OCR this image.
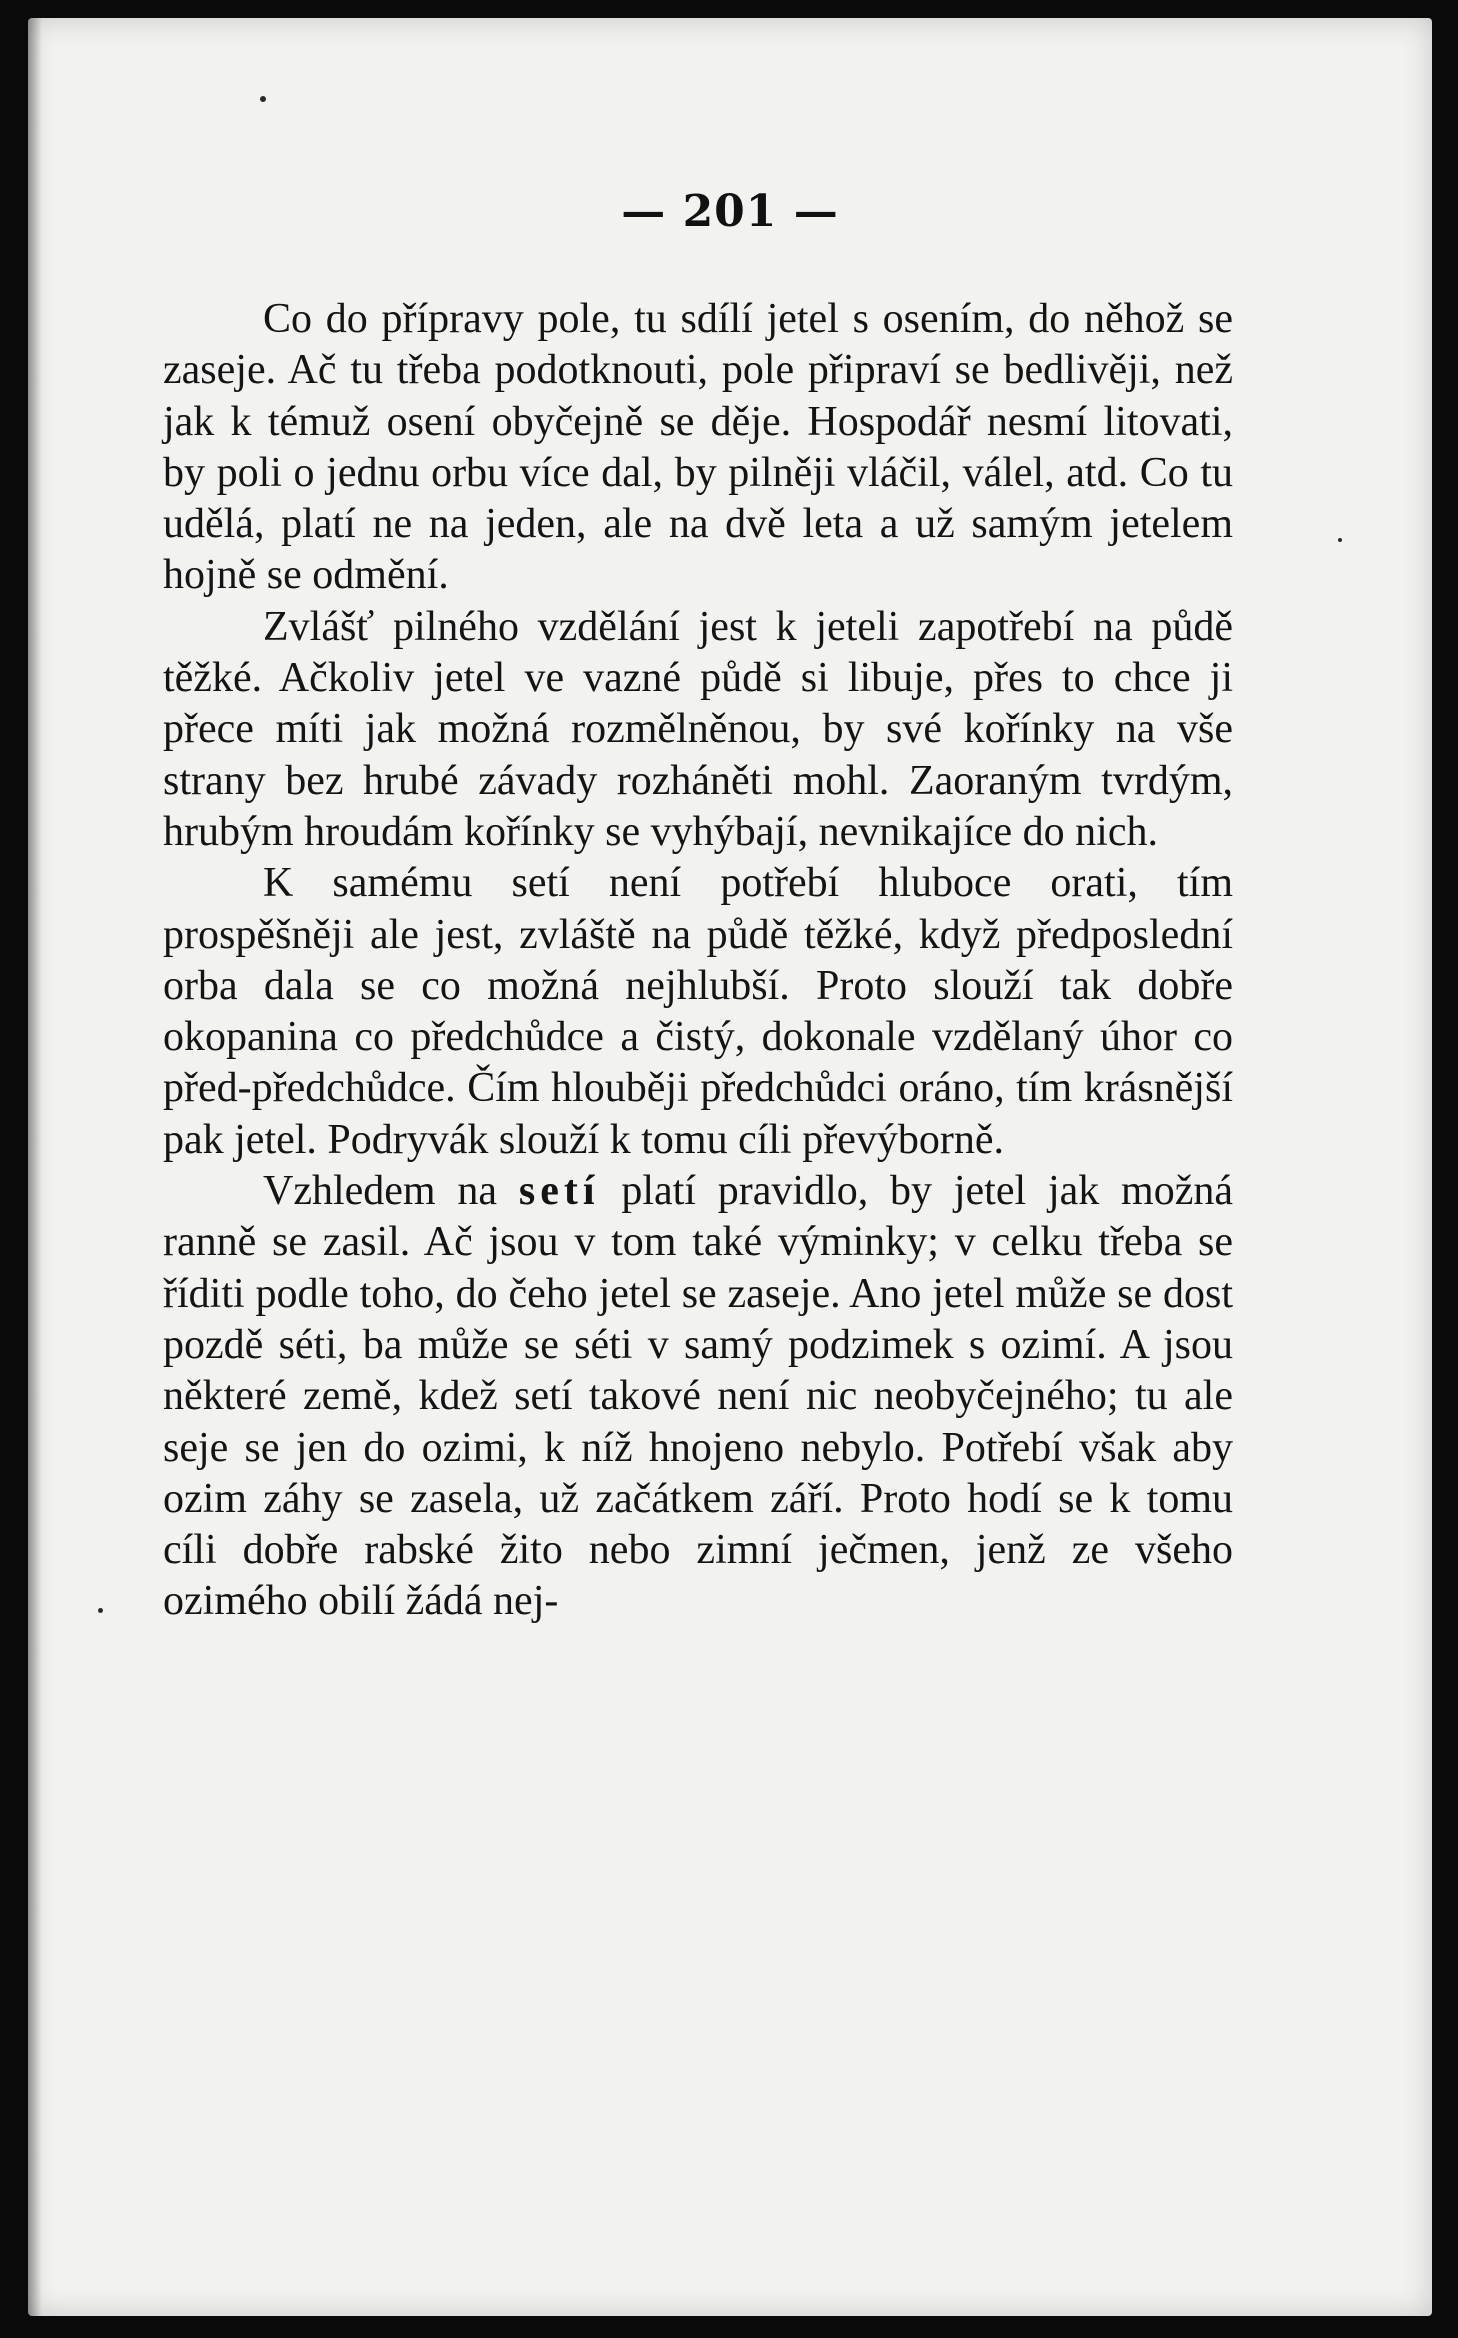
— 201 —

Co do přípravy pole, tu sdílí jetel s osením, do něhož se zaseje. Ač tu třeba podotknouti, pole připraví se bedlivěji, než jak k témuž osení obyčejně se děje. Hospodář nesmí litovati, by poli o jednu orbu více dal, by pilněji vláčil, válel, atd. Co tu udělá, platí ne na jeden, ale na dvě leta a už samým jetelem hojně se odmění.

Zvlášť pilného vzdělání jest k jeteli zapotřebí na půdě těžké. Ačkoliv jetel ve vazné půdě si libuje, přes to chce ji přece míti jak možná rozmělněnou, by své kořínky na vše strany bez hrubé závady rozháněti mohl. Zaoraným tvrdým, hrubým hroudám kořínky se vyhýbají, nevnikajíce do nich.

K samému setí není potřebí hluboce orati, tím prospěšněji ale jest, zvláště na půdě těžké, když předposlední orba dala se co možná nejhlubší. Proto slouží tak dobře okopanina co předchůdce a čistý, dokonale vzdělaný úhor co před-předchůdce. Čím hlouběji předchůdci oráno, tím krásnější pak jetel. Podryvák slouží k tomu cíli převýborně.

Vzhledem na setí platí pravidlo, by jetel jak možná ranně se zasil. Ač jsou v tom také výminky; v celku třeba se říditi podle toho, do čeho jetel se zaseje. Ano jetel může se dost pozdě séti, ba může se séti v samý podzimek s ozimí. A jsou některé země, kdež setí takové není nic neobyčejného; tu ale seje se jen do ozimi, k níž hnojeno nebylo. Potřebí však aby ozim záhy se zasela, už začátkem září. Proto hodí se k tomu cíli dobře rabské žito nebo zimní ječmen, jenž ze všeho ozimého obilí žádá nej-
